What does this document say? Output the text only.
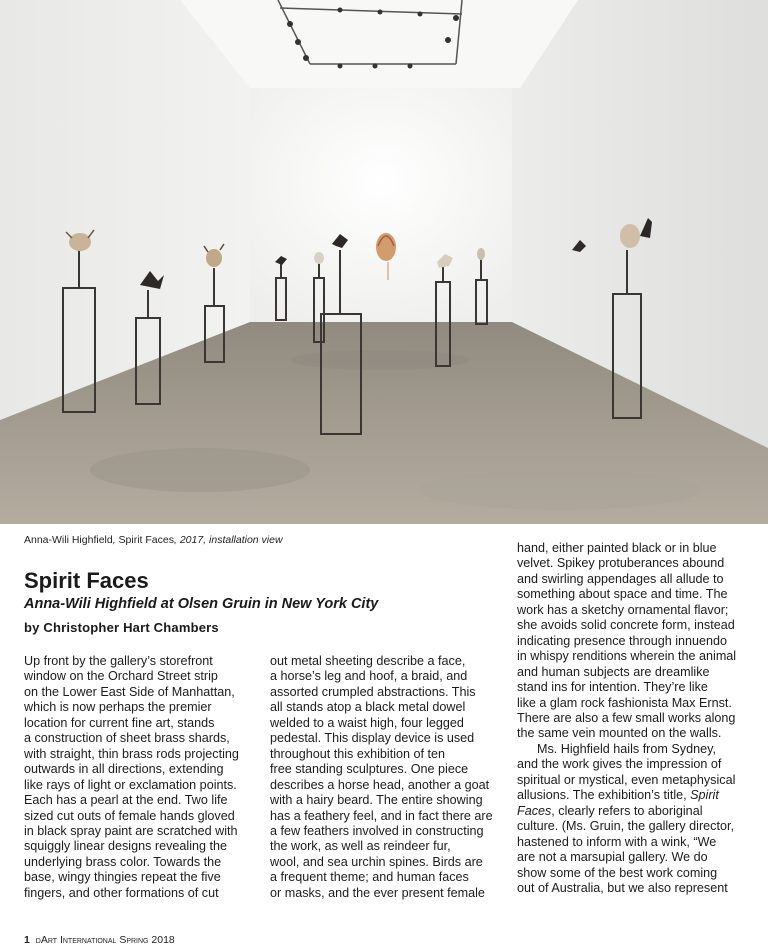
Anna-Wili Highfield, Spirit Faces, 2017, installation view
Spirit Faces
Anna-Wili Highfield at Olsen Gruin in New York City
by Christopher Hart Chambers
Up front by the gallery’s storefront
window on the Orchard Street strip
on the Lower East Side of Manhattan,
which is now perhaps the premier
location for current fine art, stands
a construction of sheet brass shards,
with straight, thin brass rods projecting
outwards in all directions, extending
like rays of light or exclamation points.
Each has a pearl at the end. Two life
sized cut outs of female hands gloved
in black spray paint are scratched with
squiggly linear designs revealing the
underlying brass color. Towards the
base, wingy thingies repeat the five
fingers, and other formations of cut
out metal sheeting describe a face,
a horse’s leg and hoof, a braid, and
assorted crumpled abstractions. This
all stands atop a black metal dowel
welded to a waist high, four legged
pedestal. This display device is used
throughout this exhibition of ten
free standing sculptures. One piece
describes a horse head, another a goat
with a hairy beard. The entire showing
has a feathery feel, and in fact there are
a few feathers involved in constructing
the work, as well as reindeer fur,
wool, and sea urchin spines. Birds are
a frequent theme; and human faces
or masks, and the ever present female
hand, either painted black or in blue
velvet. Spikey protuberances abound
and swirling appendages all allude to
something about space and time. The
work has a sketchy ornamental flavor;
she avoids solid concrete form, instead
indicating presence through innuendo
in whispy renditions wherein the animal
and human subjects are dreamlike
stand ins for intention. They’re like
like a glam rock fashionista Max Ernst.
There are also a few small works along
the same vein mounted on the walls.
Ms. Highfield hails from Sydney,
and the work gives the impression of
spiritual or mystical, even metaphysical
allusions. The exhibition’s title, Spirit
Faces, clearly refers to aboriginal
culture. (Ms. Gruin, the gallery director,
hastened to inform with a wink, “We
are not a marsupial gallery. We do
show some of the best work coming
out of Australia, but we also represent
1 dArt International Spring 2018
